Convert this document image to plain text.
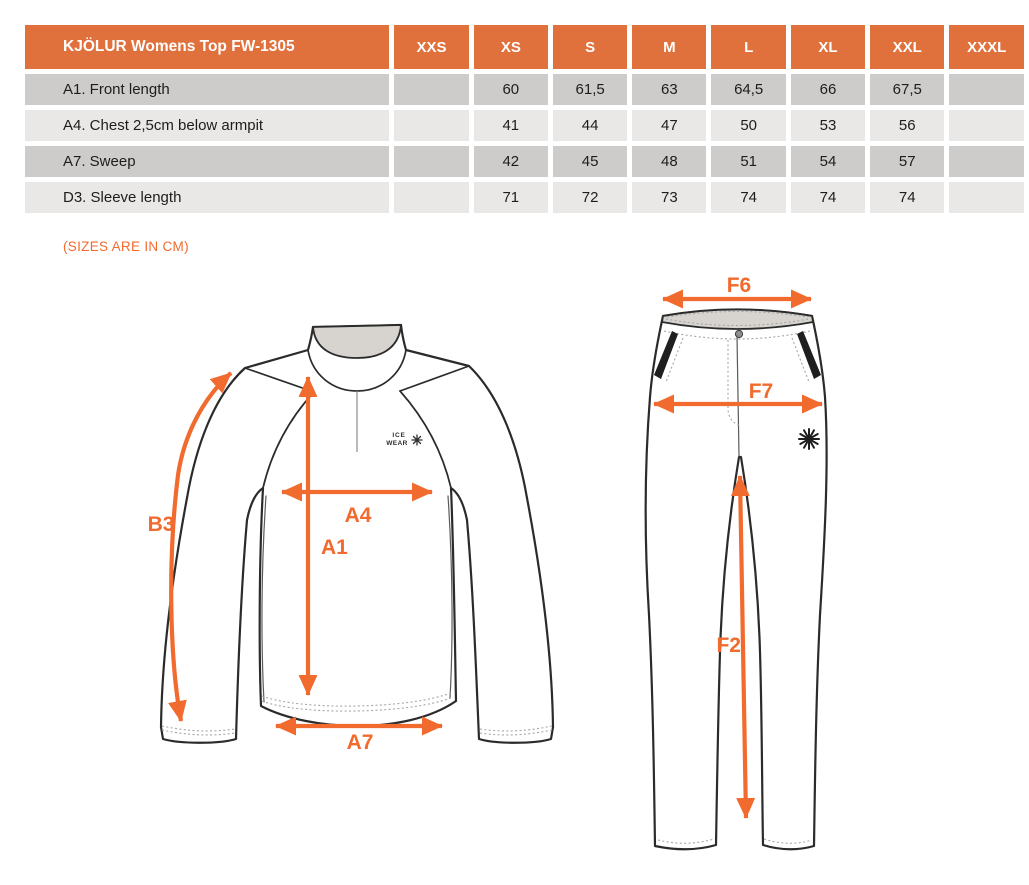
KJÖLUR Womens Top FW-1305	XXS	XS	S	M	L	XL	XXL	XXXL
A1. Front length		60	61,5	63	64,5	66	67,5	
A4. Chest 2,5cm below armpit		41	44	47	50	53	56	
A7. Sweep		42	45	48	51	54	57	
D3. Sleeve length		71	72	73	74	74	74	
(SIZES ARE IN CM)
ICE
WEAR
B3	A4
A1
A7
F6
F7
F2
